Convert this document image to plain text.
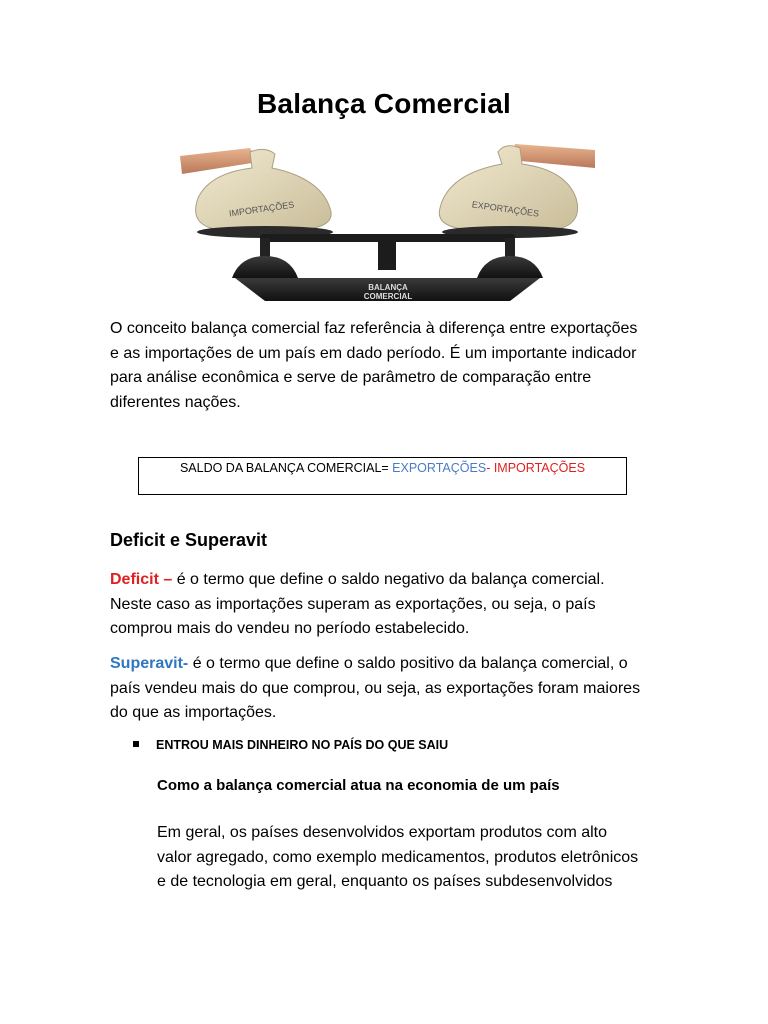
Balança Comercial
IMPORTAÇÕES	EXPORTAÇÕES
BALANÇA
COMERCIAL
O conceito balança comercial faz referência à diferença entre exportações
e as importações de um país em dado período. É um importante indicador
para análise econômica e serve de parâmetro de comparação entre
diferentes nações.
SALDO DA BALANÇA COMERCIAL= EXPORTAÇÕES- IMPORTAÇÕES
Deficit e Superavit
Deficit – é o termo que define o saldo negativo da balança comercial.
Neste caso as importações superam as exportações, ou seja, o país
comprou mais do vendeu no período estabelecido.
Superavit- é o termo que define o saldo positivo da balança comercial, o
país vendeu mais do que comprou, ou seja, as exportações foram maiores
do que as importações.
ENTROU MAIS DINHEIRO NO PAÍS DO QUE SAIU
Como a balança comercial atua na economia de um país
Em geral, os países desenvolvidos exportam produtos com alto
valor agregado, como exemplo medicamentos, produtos eletrônicos
e de tecnologia em geral, enquanto os países subdesenvolvidos
